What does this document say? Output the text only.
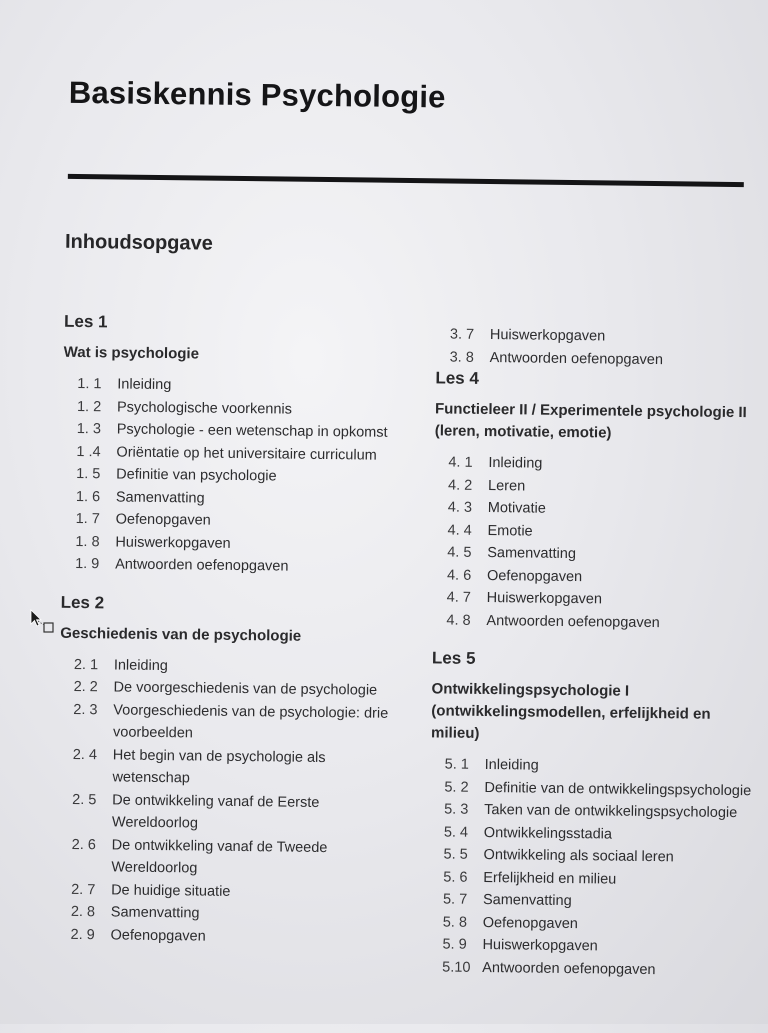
Basiskennis Psychologie
Inhoudsopgave
Les 1
Wat is psychologie
1. 1	Inleiding
1. 2	Psychologische voorkennis
1. 3	Psychologie - een wetenschap in opkomst
1 .4	Oriëntatie op het universitaire curriculum
1. 5	Definitie van psychologie
1. 6	Samenvatting
1. 7	Oefenopgaven
1. 8	Huiswerkopgaven
1. 9	Antwoorden oefenopgaven
Les 2
Geschiedenis van de psychologie
2. 1	Inleiding
2. 2	De voorgeschiedenis van de psychologie
2. 3	Voorgeschiedenis van de psychologie: drie voorbeelden
2. 4	Het begin van de psychologie als wetenschap
2. 5	De ontwikkeling vanaf de Eerste Wereldoorlog
2. 6	De ontwikkeling vanaf de Tweede Wereldoorlog
2. 7	De huidige situatie
2. 8	Samenvatting
2. 9	Oefenopgaven
3. 7	Huiswerkopgaven
3. 8	Antwoorden oefenopgaven
Les 4
Functieleer II / Experimentele psychologie II (leren, motivatie, emotie)
4. 1	Inleiding
4. 2	Leren
4. 3	Motivatie
4. 4	Emotie
4. 5	Samenvatting
4. 6	Oefenopgaven
4. 7	Huiswerkopgaven
4. 8	Antwoorden oefenopgaven
Les 5
Ontwikkelingspsychologie I (ontwikkelingsmodellen, erfelijkheid en milieu)
5. 1	Inleiding
5. 2	Definitie van de ontwikkelingspsychologie
5. 3	Taken van de ontwikkelingspsychologie
5. 4	Ontwikkelingsstadia
5. 5	Ontwikkeling als sociaal leren
5. 6	Erfelijkheid en milieu
5. 7	Samenvatting
5. 8	Oefenopgaven
5. 9	Huiswerkopgaven
5.10 Antwoorden oefenopgaven
